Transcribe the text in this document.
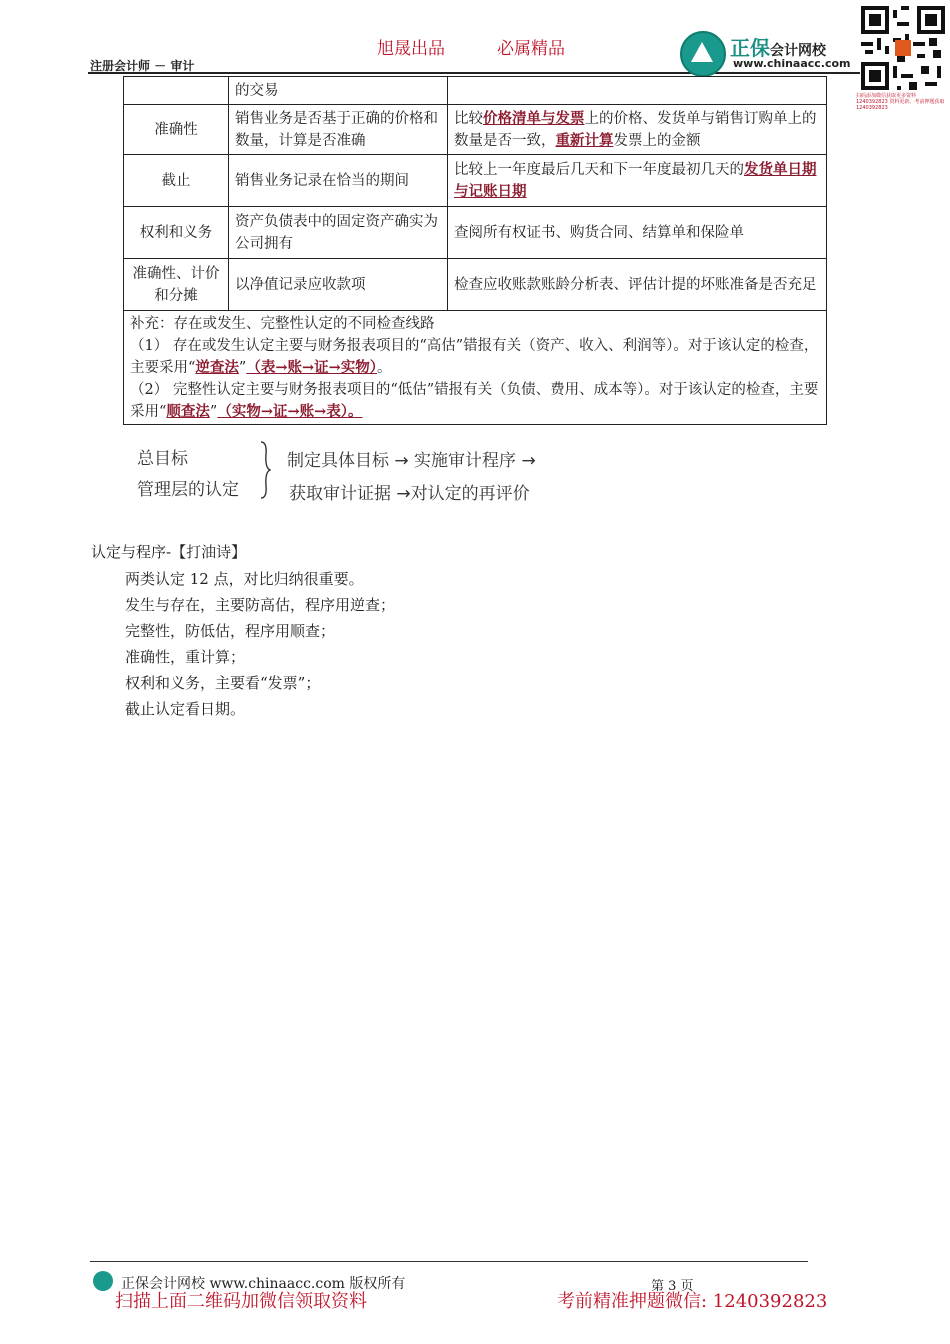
旭晟出品	必属精品
注册会计师 － 审计
正保会计网校
www.chinaacc.com
扫码添加微信获取更多资料 1240392823 资料更新、考前押题获取 1240392823
	的交易	
准确性	销售业务是否基于正确的价格和数量，计算是否准确	比较价格清单与发票上的价格、发货单与销售订购单上的数量是否一致，重新计算发票上的金额
截止	销售业务记录在恰当的期间	比较上一年度最后几天和下一年度最初几天的发货单日期与记账日期
权利和义务	资产负债表中的固定资产确实为公司拥有	查阅所有权证书、购货合同、结算单和保险单
准确性、计价和分摊	以净值记录应收款项	检查应收账款账龄分析表、评估计提的坏账准备是否充足

补充：存在或发生、完整性认定的不同检查线路
（1） 存在或发生认定主要与财务报表项目的“高估”错报有关（资产、收入、利润等）。对于该认定的检查，主要采用“逆查法”（表→账→证→实物）。
（2） 完整性认定主要与财务报表项目的“低估”错报有关（负债、费用、成本等）。对于该认定的检查，主要采用“顺查法”（实物→证→账→表）。		
总目标
管理层的认定
制定具体目标 → 实施审计程序 →
获取审计证据 →对认定的再评价
认定与程序-【打油诗】
两类认定 12 点，对比归纳很重要。
发生与存在，主要防高估，程序用逆查；
完整性，防低估，程序用顺查；
准确性，重计算；
权利和义务，主要看“发票”；
截止认定看日期。
正保会计网校 www.chinaacc.com 版权所有	第 3 页
扫描上面二维码加微信领取资料	考前精准押题微信: 1240392823
